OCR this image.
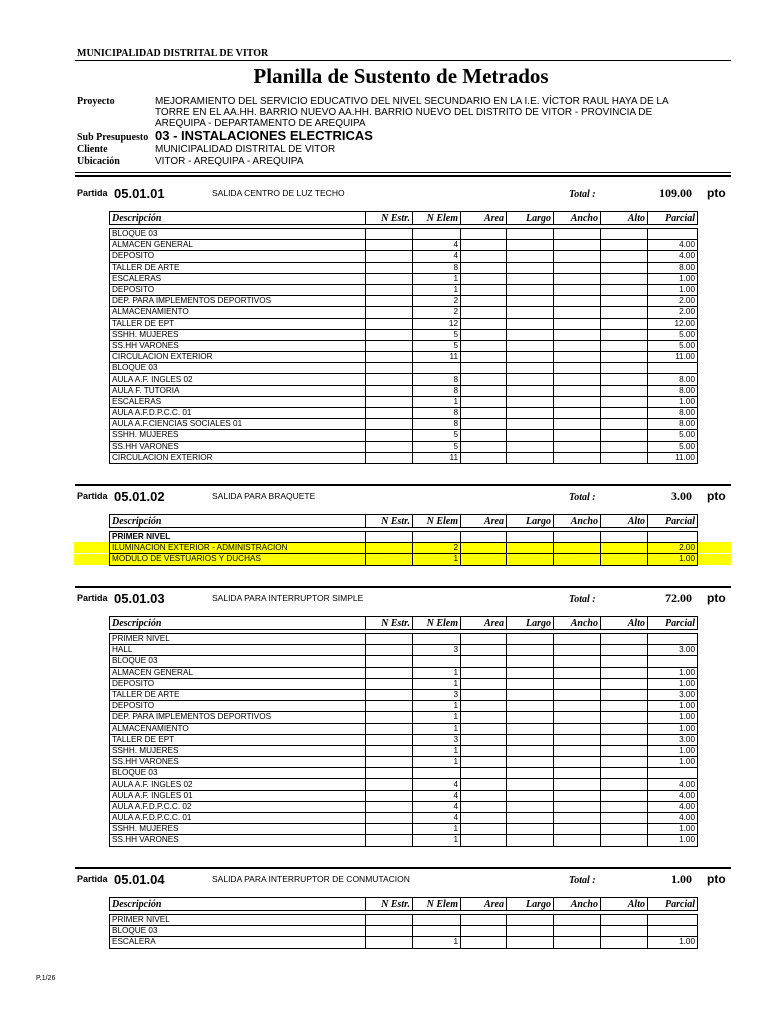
MUNICIPALIDAD DISTRITAL DE VITOR
Planilla de Sustento de Metrados
Proyecto	MEJORAMIENTO DEL SERVICIO EDUCATIVO DEL NIVEL SECUNDARIO EN LA I.E. VÍCTOR RAUL HAYA DE LA
TORRE EN EL AA.HH. BARRIO NUEVO AA.HH. BARRIO NUEVO DEL DISTRITO DE VITOR - PROVINCIA DE
AREQUIPA - DEPARTAMENTO DE AREQUIPA
Sub Presupuesto 03 - INSTALACIONES ELECTRICAS
Cliente	MUNICIPALIDAD DISTRITAL DE VITOR
Ubicación	VITOR - AREQUIPA - AREQUIPA
Partida 05.01.01	SALIDA CENTRO DE LUZ TECHO	Total :	109.00 pto
Descripción	N Estr.	N Elem	Area	Largo	Ancho	Alto	Parcial
BLOQUE 03							
ALMACEN GENERAL		4					4.00
DEPOSITO		4					4.00
TALLER DE ARTE		8					8.00
ESCALERAS		1					1.00
DEPOSITO		1					1.00
DEP. PARA IMPLEMENTOS DEPORTIVOS		2					2.00
ALMACENAMIENTO		2					2.00
TALLER DE EPT		12					12.00
SSHH. MUJERES		5					5.00
SS.HH VARONES		5					5.00
CIRCULACION EXTERIOR		11					11.00
BLOQUE 03							
AULA A.F. INGLES 02		8					8.00
AULA F. TUTORIA		8					8.00
ESCALERAS		1					1.00
AULA A.F.D.P.C.C. 01		8					8.00
AULA A.F.CIENCIAS SOCIALES 01		8					8.00
SSHH. MUJERES		5					5.00
SS.HH VARONES		5					5.00
CIRCULACION EXTERIOR		11					11.00
Partida 05.01.02	SALIDA PARA BRAQUETE	Total :	3.00 pto
Descripción	N Estr.	N Elem	Area	Largo	Ancho	Alto	Parcial
PRIMER NIVEL							
ILUMINACION EXTERIOR - ADMINISTRACION		2					2.00
MODULO DE VESTUARIOS Y DUCHAS		1					1.00
Partida 05.01.03	SALIDA PARA INTERRUPTOR SIMPLE	Total :	72.00 pto
Descripción	N Estr.	N Elem	Area	Largo	Ancho	Alto	Parcial
PRIMER NIVEL							
HALL		3					3.00
BLOQUE 03							
ALMACEN GENERAL		1					1.00
DEPOSITO		1					1.00
TALLER DE ARTE		3					3.00
DEPOSITO		1					1.00
DEP. PARA IMPLEMENTOS DEPORTIVOS		1					1.00
ALMACENAMIENTO		1					1.00
TALLER DE EPT		3					3.00
SSHH. MUJERES		1					1.00
SS.HH VARONES		1					1.00
BLOQUE 03							
AULA A.F. INGLES 02		4					4.00
AULA A.F. INGLES 01		4					4.00
AULA A.F.D.P.C.C. 02		4					4.00
AULA A.F.D.P.C.C. 01		4					4.00
SSHH. MUJERES		1					1.00
SS.HH VARONES		1					1.00
Partida 05.01.04	SALIDA PARA INTERRUPTOR DE CONMUTACION	Total :	1.00 pto
Descripción	N Estr.	N Elem	Area	Largo	Ancho	Alto	Parcial
PRIMER NIVEL							
BLOQUE 03							
ESCALERA		1					1.00
P.1/26
